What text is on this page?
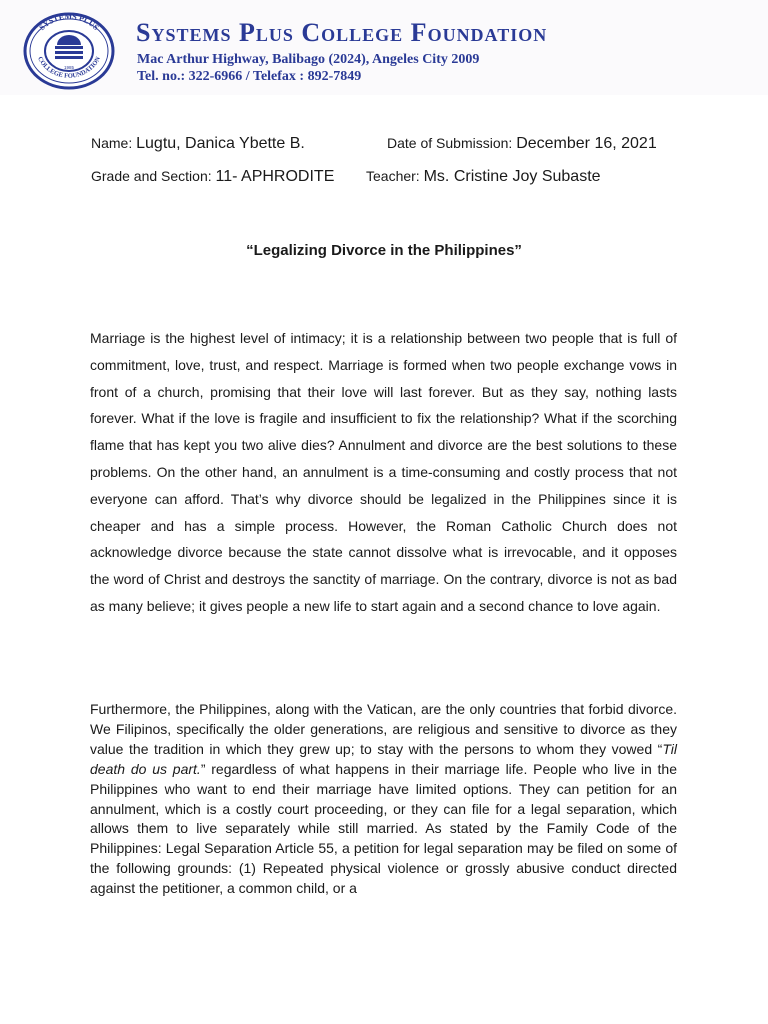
SYSTEMS PLUS
COLLEGE FOUNDATION
1985
Systems Plus College Foundation
Mac Arthur Highway, Balibago (2024), Angeles City 2009
Tel. no.: 322-6966 / Telefax : 892-7849
Name: Lugtu, Danica Ybette B.	Date of Submission: December 16, 2021
Grade and Section: 11- APHRODITE Teacher: Ms. Cristine Joy Subaste
“Legalizing Divorce in the Philippines”

Marriage is the highest level of intimacy; it is a relationship between two people that is full of commitment, love, trust, and respect. Marriage is formed when two people exchange vows in front of a church, promising that their love will last forever. But as they say, nothing lasts forever. What if the love is fragile and insufficient to fix the relationship? What if the scorching flame that has kept you two alive dies? Annulment and divorce are the best solutions to these problems. On the other hand, an annulment is a time-consuming and costly process that not everyone can afford. That’s why divorce should be legalized in the Philippines since it is cheaper and has a simple process. However, the Roman Catholic Church does not acknowledge divorce because the state cannot dissolve what is irrevocable, and it opposes the word of Christ and destroys the sanctity of marriage. On the contrary, divorce is not as bad as many believe; it gives people a new life to start again and a second chance to love again.

Furthermore, the Philippines, along with the Vatican, are the only countries that forbid divorce. We Filipinos, specifically the older generations, are religious and sensitive to divorce as they value the tradition in which they grew up; to stay with the persons to whom they vowed “Til death do us part.” regardless of what happens in their marriage life. People who live in the Philippines who want to end their marriage have limited options. They can petition for an annulment, which is a costly court proceeding, or they can file for a legal separation, which allows them to live separately while still married. As stated by the Family Code of the Philippines: Legal Separation Article 55, a petition for legal separation may be filed on some of the following grounds: (1) Repeated physical violence or grossly abusive conduct directed against the petitioner, a common child, or a
